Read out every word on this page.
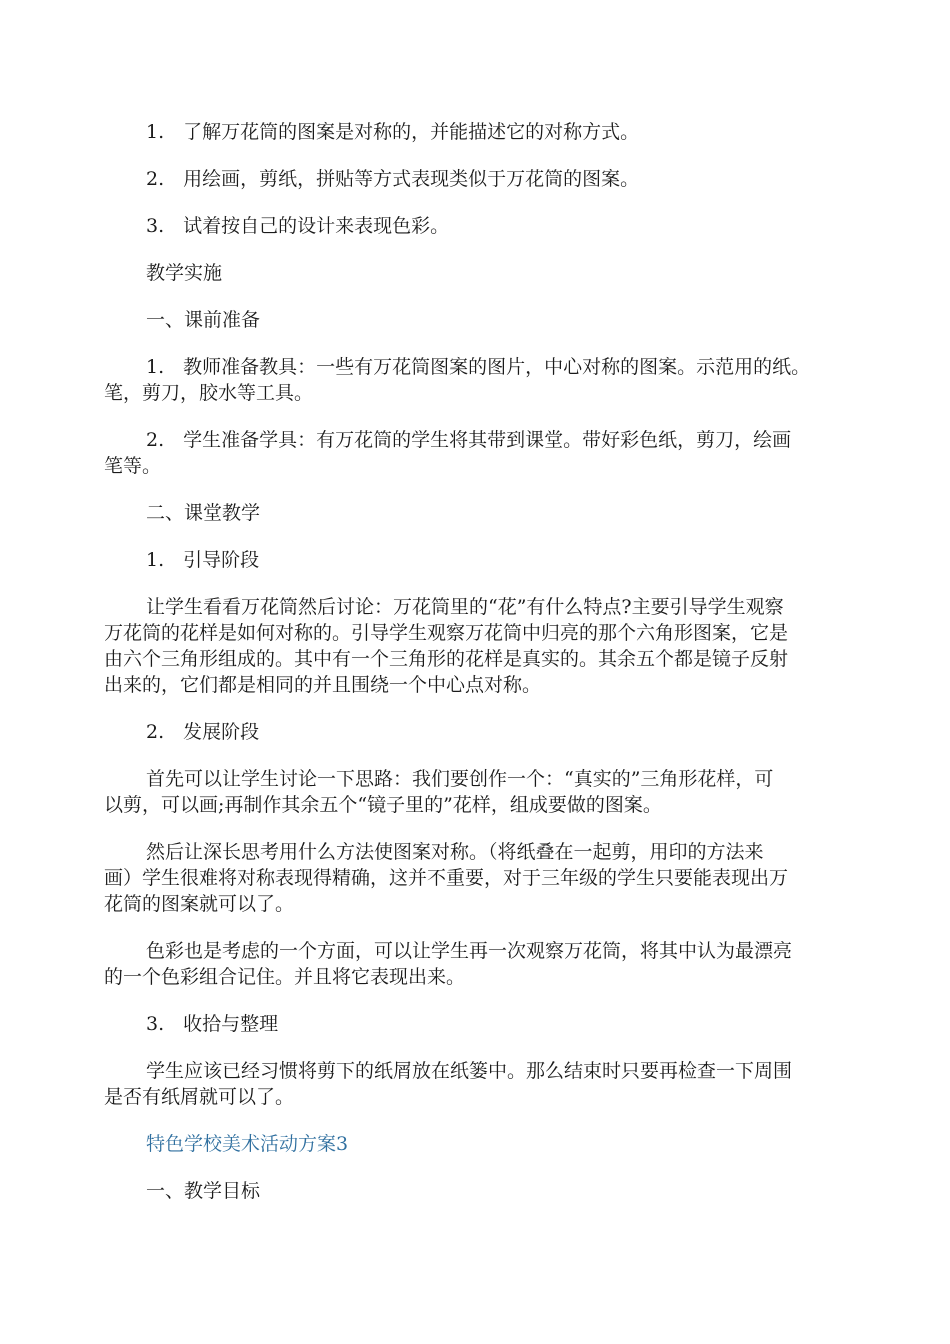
1.　了解万花筒的图案是对称的，并能描述它的对称方式。
2.　用绘画，剪纸，拼贴等方式表现类似于万花筒的图案。
3.　试着按自己的设计来表现色彩。
教学实施
一、课前准备
1.　教师准备教具：一些有万花筒图案的图片，中心对称的图案。示范用的纸。
笔，剪刀，胶水等工具。
2.　学生准备学具：有万花筒的学生将其带到课堂。带好彩色纸，剪刀，绘画
笔等。
二、课堂教学
1.　引导阶段
让学生看看万花筒然后讨论：万花筒里的“花”有什么特点?主要引导学生观察
万花筒的花样是如何对称的。引导学生观察万花筒中归亮的那个六角形图案，它是
由六个三角形组成的。其中有一个三角形的花样是真实的。其余五个都是镜子反射
出来的，它们都是相同的并且围绕一个中心点对称。
2.　发展阶段
首先可以让学生讨论一下思路：我们要创作一个：“真实的”三角形花样，可
以剪，可以画;再制作其余五个“镜子里的”花样，组成要做的图案。
然后让深长思考用什么方法使图案对称。（将纸叠在一起剪，用印的方法来
画）学生很难将对称表现得精确，这并不重要，对于三年级的学生只要能表现出万
花筒的图案就可以了。
色彩也是考虑的一个方面，可以让学生再一次观察万花筒，将其中认为最漂亮
的一个色彩组合记住。并且将它表现出来。
3.　收拾与整理
学生应该已经习惯将剪下的纸屑放在纸篓中。那么结束时只要再检查一下周围
是否有纸屑就可以了。
特色学校美术活动方案3
一、教学目标
